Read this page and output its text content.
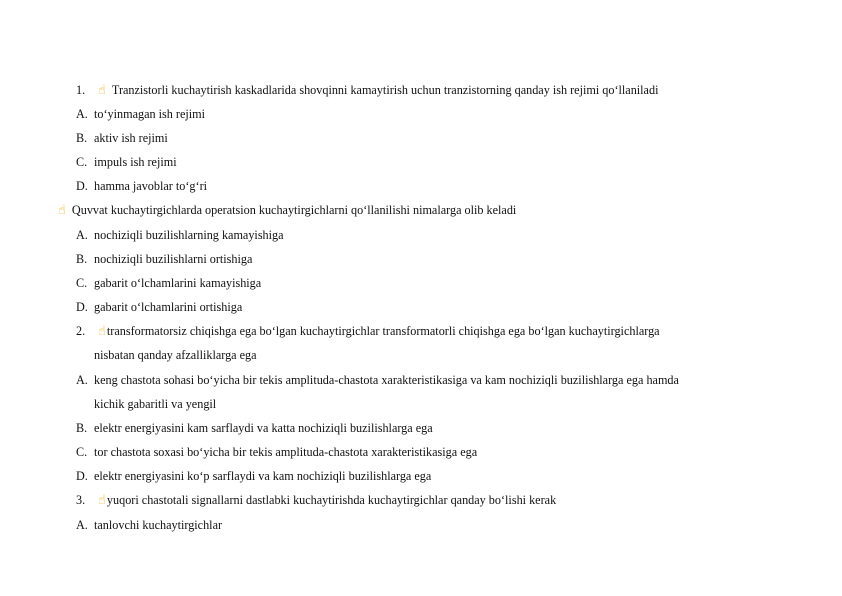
1. ☝ Tranzistorli kuchaytirish kaskadlarida shovqinni kamaytirish uchun tranzistorning qanday ish rejimi qo‘llaniladi
A. to‘yinmagan ish rejimi
B. aktiv ish rejimi
C. impuls ish rejimi
D. hamma javoblar to‘g‘ri
☝ Quvvat kuchaytirgichlarda operatsion kuchaytirgichlarni qo‘llanilishi nimalarga olib keladi
A. nochiziqli buzilishlarning kamayishiga
B. nochiziqli buzilishlarni ortishiga
C. gabarit o‘lchamlarini kamayishiga
D. gabarit o‘lchamlarini ortishiga
2. ☝transformatorsiz chiqishga ega bo‘lgan kuchaytirgichlar transformatorli chiqishga ega bo‘lgan kuchaytirgichlarga
nisbatan qanday afzalliklarga ega
A. keng chastota sohasi bo‘yicha bir tekis amplituda-chastota xarakteristikasiga va kam nochiziqli buzilishlarga ega hamda
kichik gabaritli va yengil
B. elektr energiyasini kam sarflaydi va katta nochiziqli buzilishlarga ega
C. tor chastota soxasi bo‘yicha bir tekis amplituda-chastota xarakteristikasiga ega
D. elektr energiyasini ko‘p sarflaydi va kam nochiziqli buzilishlarga ega
3. ☝yuqori chastotali signallarni dastlabki kuchaytirishda kuchaytirgichlar qanday bo‘lishi kerak
A. tanlovchi kuchaytirgichlar
